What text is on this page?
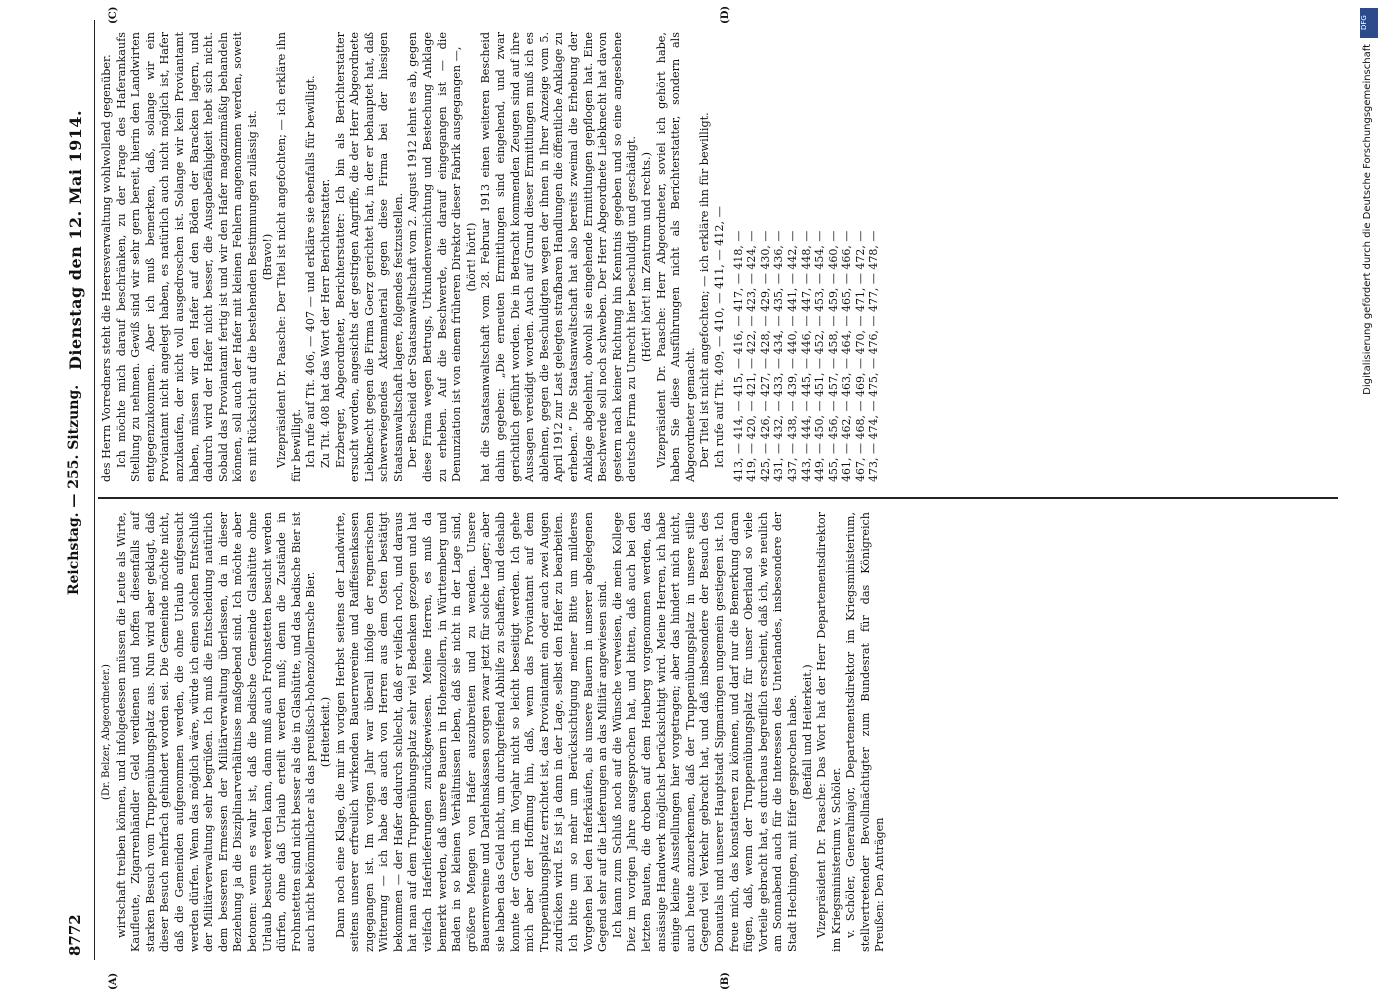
8772
Reichstag. — 255. Sitzung.
Dienstag den 12. Mai 1914.
(A)	(B)
(C)	(D)

(Dr. Belzer, Abgeordneter.) wirtschaft treiben können, und infolgedessen müssen die Leute als Wirte, Kaufleute, Zigarrenhändler Geld verdienen und hoffen diesenfalls auf starken Besuch vom Truppenübungsplatz aus. Nun wird aber geklagt, daß dieser Besuch mehrfach gehindert worden sei. Die Gemeinde möchte nicht, daß die Gemeinden aufgenommen werden, die ohne Urlaub aufgesucht werden dürfen. Wenn das möglich wäre, würde ich einen solchen Entschluß der Militärverwaltung sehr begrüßen. Ich muß die Entscheidung natürlich dem besseren Ermessen der Militärverwaltung überlassen, da in dieser Beziehung ja die Disziplinarverhältnisse maßgebend sind. Ich möchte aber betonen: wenn es wahr ist, daß die badische Gemeinde Glashütte ohne Urlaub besucht werden kann, dann muß auch Frohnstetten besucht werden dürfen, ohne daß Urlaub erteilt werden muß; denn die Zustände in Frohnstetten sind nicht besser als die in Glashütte, und das badische Bier ist auch nicht bekömmlicher als das preußisch-hohenzollernsche Bier. (Heiterkeit.) Dann noch eine Klage, die mir im vorigen Herbst seitens der Landwirte, seitens unserer erfreulich wirkenden Bauernvereine und Raiffeisenkassen zugegangen ist. Im vorigen Jahr war überall infolge der regnerischen Witterung — ich habe das auch von Herren aus dem Osten bestätigt bekommen — der Hafer dadurch schlecht, daß er vielfach roch, und daraus hat man auf dem Truppenübungsplatz sehr viel Bedenken gezogen und hat vielfach Haferlieferungen zurückgewiesen. Meine Herren, es muß da bemerkt werden, daß unsere Bauern in Hohenzollern, in Württemberg und Baden in so kleinen Verhältnissen leben, daß sie nicht in der Lage sind, größere Mengen von Hafer auszubreiten und zu wenden. Unsere Bauernvereine und Darlehnskassen sorgen zwar jetzt für solche Lager; aber sie haben das Geld nicht, um durchgreifend Abhilfe zu schaffen, und deshalb konnte der Geruch im Vorjahr nicht so leicht beseitigt werden. Ich gehe mich aber der Hoffnung hin, daß, wenn das Proviantamt auf dem Truppenübungsplatz errichtet ist, das Proviantamt ein oder auch zwei Augen zudrücken wird. Es ist ja dann in der Lage, selbst den Hafer zu bearbeiten. Ich bitte um so mehr um Berücksichtigung meiner Bitte um milderes Vorgehen bei den Haferkäufen, als unsere Bauern in unserer abgelegenen Gegend sehr auf die Lieferungen an das Militär angewiesen sind. Ich kann zum Schluß noch auf die Wünsche verweisen, die mein Kollege Diez im vorigen Jahre ausgesprochen hat, und bitten, daß auch bei den letzten Bauten, die droben auf dem Heuberg vorgenommen werden, das ansässige Handwerk möglichst berücksichtigt wird. Meine Herren, ich habe einige kleine Ausstellungen hier vorgetragen; aber das hindert mich nicht, auch heute anzuerkennen, daß der Truppenübungsplatz in unsere stille Gegend viel Verkehr gebracht hat, und daß insbesondere der Besuch des Donautals und unserer Hauptstadt Sigmaringen ungemein gestiegen ist. Ich freue mich, das konstatieren zu können, und darf nur die Bemerkung daran fügen, daß, wenn der Truppenübungsplatz für unser Oberland so viele Vorteile gebracht hat, es durchaus begreiflich erscheint, daß ich, wie neulich am Sonnabend auch für die Interessen des Unterlandes, insbesondere der Stadt Hechingen, mit Eifer gesprochen habe. (Beifall und Heiterkeit.) Vizepräsident Dr. Paasche: Das Wort hat der Herr Departementsdirektor im Kriegsministerium v. Schöler. v. Schöler, Generalmajor, Departementsdirektor im Kriegsministerium, stellvertretender Bevollmächtigter zum Bundesrat für das Königreich Preußen: Den Anträgen

des Herrn Vorredners steht die Heeresverwaltung wohlwollend gegenüber. Ich möchte mich darauf beschränken, zu der Frage des Haferankaufs Stellung zu nehmen. Gewiß sind wir sehr gern bereit, hierin den Landwirten entgegenzukommen. Aber ich muß bemerken, daß, solange wir ein Proviantamt nicht angelegt haben, es natürlich auch nicht möglich ist, Hafer anzukaufen, der nicht voll ausgedroschen ist. Solange wir kein Proviantamt haben, müssen wir den Hafer auf den Böden der Baracken lagern, und dadurch wird der Hafer nicht besser, die Ausgabefähigkeit hebt sich nicht. Sobald das Proviantamt fertig ist und wir den Hafer magazinmäßig behandeln können, soll auch der Hafer mit kleinen Fehlern angenommen werden, soweit es mit Rücksicht auf die bestehenden Bestimmungen zulässig ist. (Bravo!) Vizepräsident Dr. Paasche: Der Titel ist nicht angefochten; — ich erkläre ihn für bewilligt. Ich rufe auf Tit. 406, — 407 — und erkläre sie ebenfalls für bewilligt. Zu Tit. 408 hat das Wort der Herr Berichterstatter. Erzberger, Abgeordneter, Berichterstatter: Ich bin als Berichterstatter ersucht worden, angesichts der gestrigen Angriffe, die der Herr Abgeordnete Liebknecht gegen die Firma Goerz gerichtet hat, in der er behauptet hat, daß schwerwiegendes Aktenmaterial gegen diese Firma bei der hiesigen Staatsanwaltschaft lagere, folgendes festzustellen. Der Bescheid der Staatsanwaltschaft vom 2. August 1912 lehnt es ab, gegen diese Firma wegen Betrugs, Urkundenvernichtung und Bestechung Anklage zu erheben. Auf die Beschwerde, die darauf eingegangen ist — die Denunziation ist von einem früheren Direktor dieser Fabrik ausgegangen —, (hört! hört!) hat die Staatsanwaltschaft vom 28. Februar 1913 einen weiteren Bescheid dahin gegeben: „Die erneuten Ermittlungen sind eingehend, und zwar gerichtlich geführt worden. Die in Betracht kommenden Zeugen sind auf ihre Aussagen vereidigt worden. Auch auf Grund dieser Ermittlungen muß ich es ablehnen, gegen die Beschuldigten wegen der ihnen in Ihrer Anzeige vom 5. April 1912 zur Last gelegten strafbaren Handlungen die öffentliche Anklage zu erheben.“ Die Staatsanwaltschaft hat also bereits zweimal die Erhebung der Anklage abgelehnt, obwohl sie eingehende Ermittlungen gepflogen hat. Eine Beschwerde soll noch schweben. Der Herr Abgeordnete Liebknecht hat davon gestern nach keiner Richtung hin Kenntnis gegeben und so eine angesehene deutsche Firma zu Unrecht hier beschuldigt und geschädigt. (Hört! hört! im Zentrum und rechts.) Vizepräsident Dr. Paasche: Herr Abgeordneter, soviel ich gehört habe, haben Sie diese Ausführungen nicht als Berichterstatter, sondern als Abgeordneter gemacht. Der Titel ist nicht angefochten; — ich erkläre ihn für bewilligt. Ich rufe auf Tit. 409, — 410, — 411, — 412, — 413, — 414, — 415, — 416, — 417, — 418, — 419, — 420, — 421, — 422, — 423, — 424, — 425, — 426, — 427, — 428, — 429, — 430, — 431, — 432, — 433, — 434, — 435, — 436, — 437, — 438, — 439, — 440, — 441, — 442, — 443, — 444, — 445, — 446, — 447, — 448, — 449, — 450, — 451, — 452, — 453, — 454, — 455, — 456, — 457, — 458, — 459, — 460, — 461, — 462, — 463, — 464, — 465, — 466, — 467, — 468, — 469, — 470, — 471, — 472, — 473, — 474, — 475, — 476, — 477, — 478, —
DFG
Digitalisierung gefördert durch die Deutsche Forschungsgemeinschaft
